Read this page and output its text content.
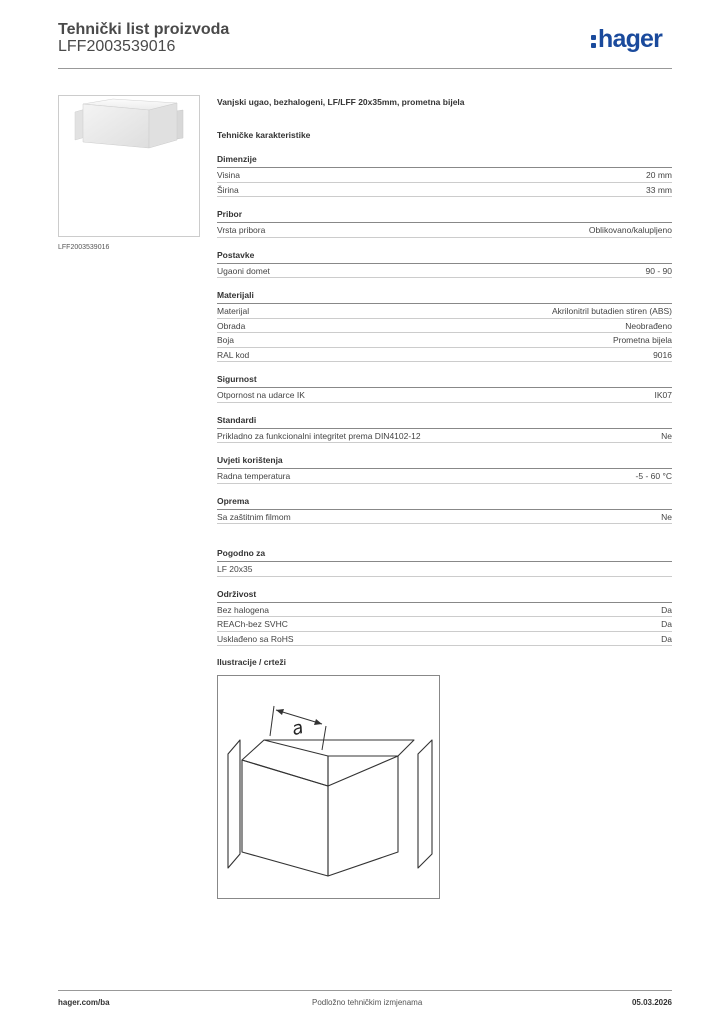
Tehnički list proizvoda
LFF2003539016	hager
LFF2003539016
Vanjski ugao, bezhalogeni, LF/LFF 20x35mm, prometna bijela
Tehničke karakteristike
Dimenzije
Visina	20 mm
Širina	33 mm
Pribor
Vrsta pribora	Oblikovano/kalupljeno
Postavke
Ugaoni domet	90 - 90
Materijali
Materijal	Akrilonitril butadien stiren (ABS)
Obrada	Neobrađeno
Boja	Prometna bijela
RAL kod	9016
Sigurnost
Otpornost na udarce IK	IK07
Standardi
Prikladno za funkcionalni integritet prema DIN4102-12	Ne
Uvjeti korištenja
Radna temperatura	-5 - 60 °C
Oprema
Sa zaštitnim filmom	Ne
Pogodno za
LF 20x35
Održivost
Bez halogena	Da
REACh-bez SVHC	Da
Usklađeno sa RoHS	Da
Ilustracije / crteži
a
hager.com/ba	Podložno tehničkim izmjenama	05.03.2026
